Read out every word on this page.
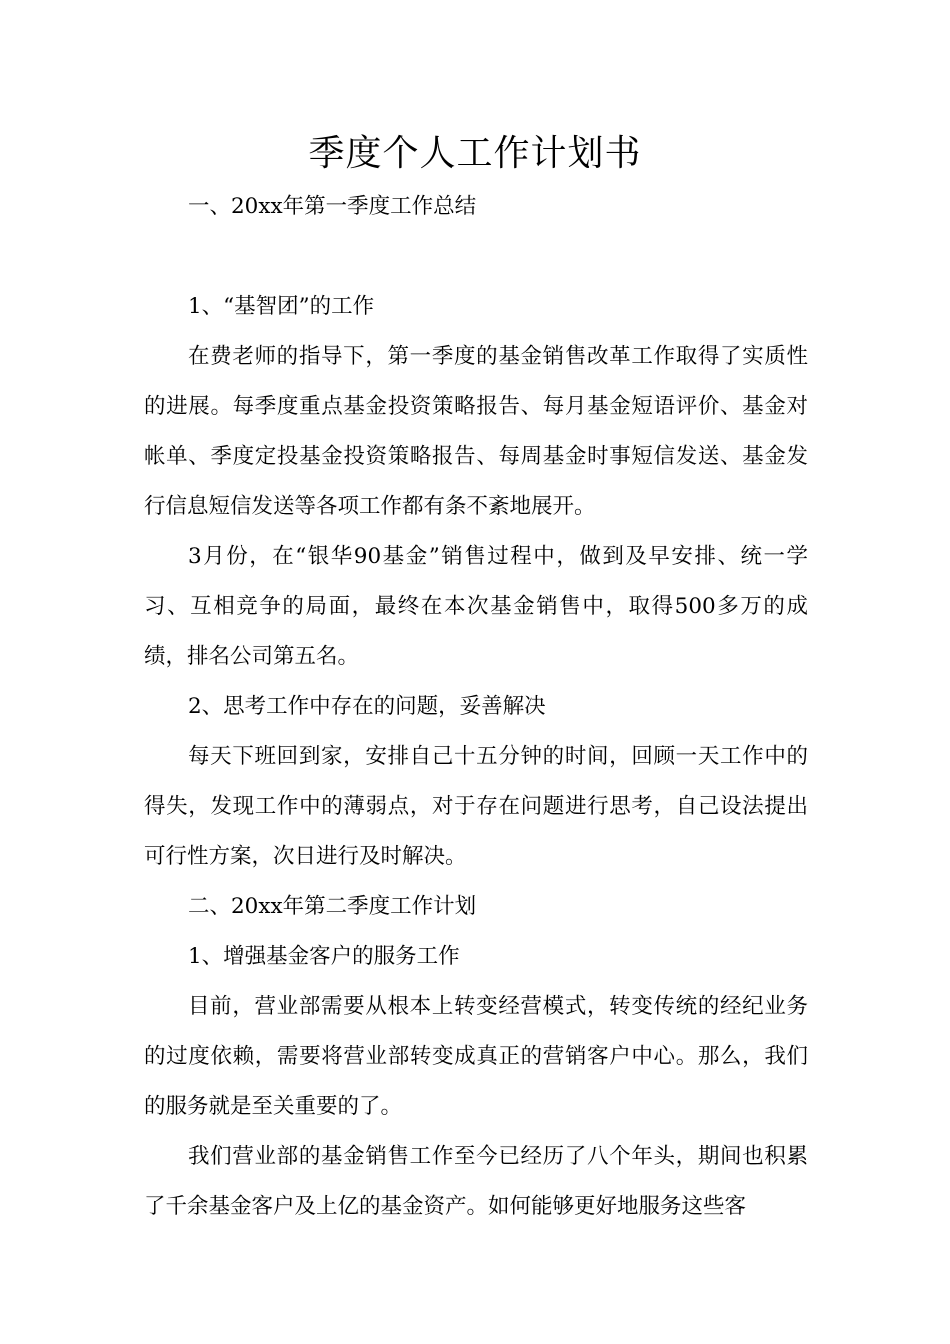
季度个人工作计划书

一、20xx年第一季度工作总结

1、“基智团”的工作

在费老师的指导下，第一季度的基金销售改革工作取得了实质性的进展。每季度重点基金投资策略报告、每月基金短语评价、基金对帐单、季度定投基金投资策略报告、每周基金时事短信发送、基金发行信息短信发送等各项工作都有条不紊地展开。

3月份，在“银华90基金”销售过程中，做到及早安排、统一学习、互相竞争的局面，最终在本次基金销售中，取得500多万的成绩，排名公司第五名。

2、思考工作中存在的问题，妥善解决

每天下班回到家，安排自己十五分钟的时间，回顾一天工作中的得失，发现工作中的薄弱点，对于存在问题进行思考，自己设法提出可行性方案，次日进行及时解决。

二、20xx年第二季度工作计划

1、增强基金客户的服务工作

目前，营业部需要从根本上转变经营模式，转变传统的经纪业务的过度依赖，需要将营业部转变成真正的营销客户中心。那么，我们的服务就是至关重要的了。

我们营业部的基金销售工作至今已经历了八个年头，期间也积累了千余基金客户及上亿的基金资产。如何能够更好地服务这些客
